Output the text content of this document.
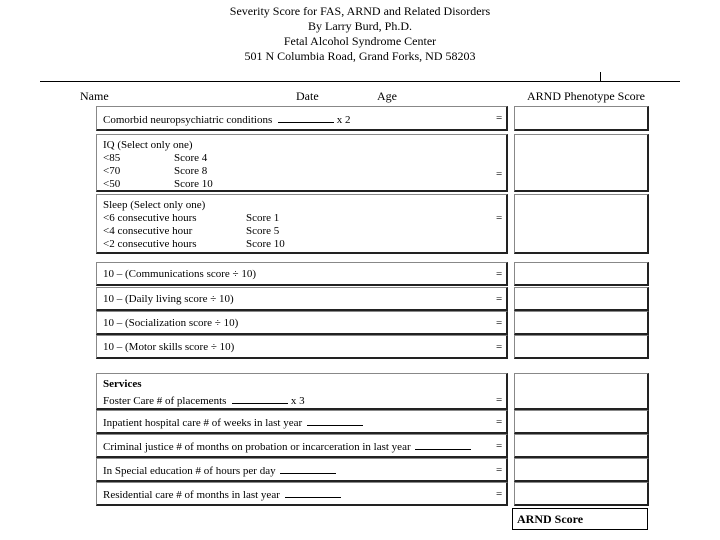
Severity Score for FAS, ARND and Related Disorders
By Larry Burd, Ph.D.
Fetal Alcohol Syndrome Center
501 N Columbia Road, Grand Forks, ND 58203
Name	Date	Age	ARND Phenotype Score
Comorbid neuropsychiatric conditions	x 2	=
IQ (Select only one)
<85	Score 4
<70	Score 8
<50	Score 10
=
Sleep (Select only one)
<6 consecutive hours	Score 1
<4 consecutive hour	Score 5
<2 consecutive hours	Score 10
=
10 – (Communications score ÷ 10)	=
10 – (Daily living score ÷ 10)	=
10 – (Socialization score ÷ 10)	=
10 – (Motor skills score ÷ 10)	=
Services
Foster Care # of placements	x 3	=
Inpatient hospital care # of weeks in last year	=
Criminal justice # of months on probation or incarceration in last year	=
In Special education # of hours per day	=
Residential care # of months in last year	=
ARND Score
